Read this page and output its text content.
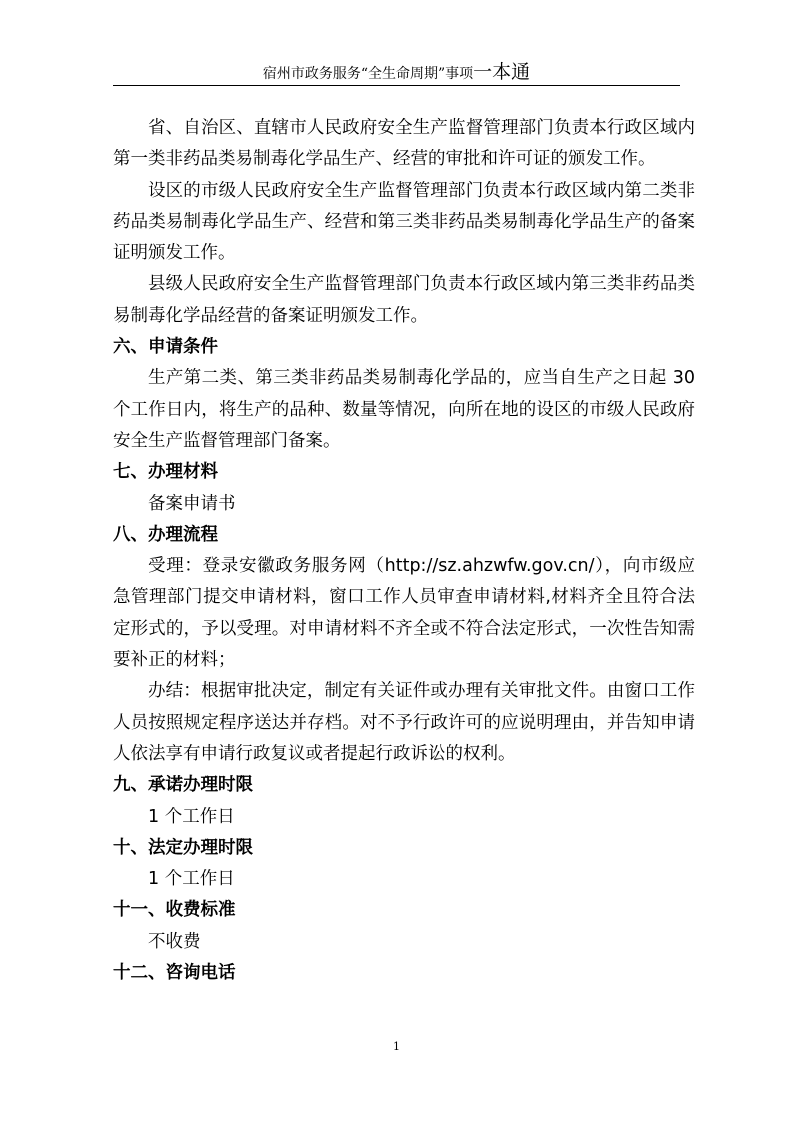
宿州市政务服务“全生命周期”事项一本通

省、自治区、直辖市人民政府安全生产监督管理部门负责本行政区域内第一类非药品类易制毒化学品生产、经营的审批和许可证的颁发工作。

设区的市级人民政府安全生产监督管理部门负责本行政区域内第二类非药品类易制毒化学品生产、经营和第三类非药品类易制毒化学品生产的备案证明颁发工作。

县级人民政府安全生产监督管理部门负责本行政区域内第三类非药品类易制毒化学品经营的备案证明颁发工作。

六、申请条件

生产第二类、第三类非药品类易制毒化学品的，应当自生产之日起 30 个工作日内，将生产的品种、数量等情况，向所在地的设区的市级人民政府安全生产监督管理部门备案。

七、办理材料

备案申请书

八、办理流程

受理：登录安徽政务服务网（http://sz.ahzwfw.gov.cn/），向市级应急管理部门提交申请材料，窗口工作人员审查申请材料,材料齐全且符合法定形式的，予以受理。对申请材料不齐全或不符合法定形式，一次性告知需要补正的材料；

办结：根据审批决定，制定有关证件或办理有关审批文件。由窗口工作人员按照规定程序送达并存档。对不予行政许可的应说明理由，并告知申请人依法享有申请行政复议或者提起行政诉讼的权利。

九、承诺办理时限

1 个工作日

十、法定办理时限

1 个工作日

十一、收费标准

不收费

十二、咨询电话
1
